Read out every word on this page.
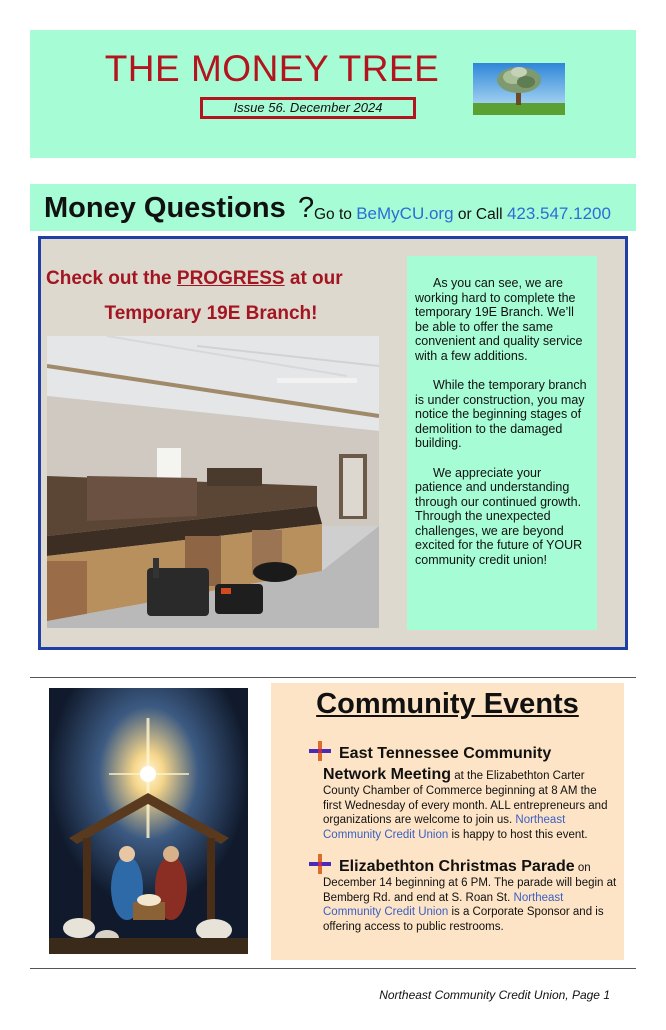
THE MONEY TREE
Issue 56. December 2024
Money Questions ? Go to BeMyCU.org or Call 423.547.1200
Check out the PROGRESS at our
Temporary 19E Branch!

As you can see, we are working hard to complete the temporary 19E Branch. We’ll be able to offer the same convenient and quality service with a few additions.

While the temporary branch is under construction, you may notice the beginning stages of demolition to the damaged building.

We appreciate your patience and understanding through our continued growth. Through the unexpected challenges, we are beyond excited for the future of YOUR community credit union!

Community Events
East Tennessee Community
Network Meeting at the Elizabethton Carter County Chamber of Commerce beginning at 8 AM the first Wednesday of every month. ALL entrepreneurs and organizations are welcome to join us. Northeast Community Credit Union is happy to host this event.
Elizabethton Christmas Parade on December 14 beginning at 6 PM. The parade will begin at Bemberg Rd. and end at S. Roan St. Northeast Community Credit Union is a Corporate Sponsor and is offering access to public restrooms.
Northeast Community Credit Union, Page 1
